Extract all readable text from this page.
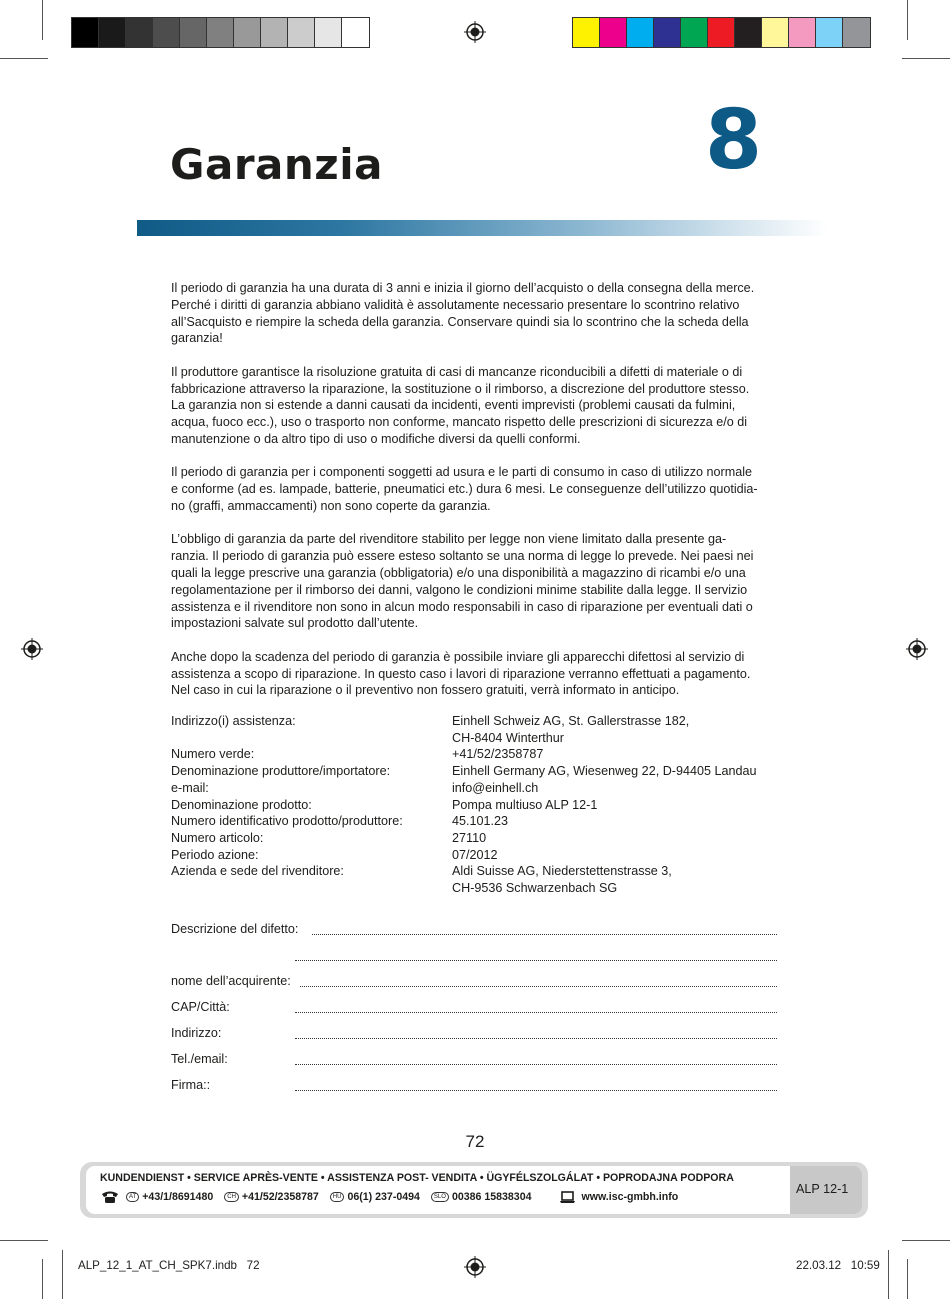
Garanzia	8

Il periodo di garanzia ha una durata di 3 anni e inizia il giorno dell’acquisto o della consegna della merce.
Perché i diritti di garanzia abbiano validità è assolutamente necessario presentare lo scontrino relativo
all’Sacquisto e riempire la scheda della garanzia. Conservare quindi sia lo scontrino che la scheda della
garanzia!

Il produttore garantisce la risoluzione gratuita di casi di mancanze riconducibili a difetti di materiale o di
fabbricazione attraverso la riparazione, la sostituzione o il rimborso, a discrezione del produttore stesso.
La garanzia non si estende a danni causati da incidenti, eventi imprevisti (problemi causati da fulmini,
acqua, fuoco ecc.), uso o trasporto non conforme, mancato rispetto delle prescrizioni di sicurezza e/o di
manutenzione o da altro tipo di uso o modifiche diversi da quelli conformi.

Il periodo di garanzia per i componenti soggetti ad usura e le parti di consumo in caso di utilizzo normale
e conforme (ad es. lampade, batterie, pneumatici etc.) dura 6 mesi. Le conseguenze dell’utilizzo quotidia-
no (graffi, ammaccamenti) non sono coperte da garanzia.

L’obbligo di garanzia da parte del rivenditore stabilito per legge non viene limitato dalla presente ga-
ranzia. Il periodo di garanzia può essere esteso soltanto se una norma di legge lo prevede. Nei paesi nei
quali la legge prescrive una garanzia (obbligatoria) e/o una disponibilità a magazzino di ricambi e/o una
regolamentazione per il rimborso dei danni, valgono le condizioni minime stabilite dalla legge. Il servizio
assistenza e il rivenditore non sono in alcun modo responsabili in caso di riparazione per eventuali dati o
impostazioni salvate sul prodotto dall’utente.

Anche dopo la scadenza del periodo di garanzia è possibile inviare gli apparecchi difettosi al servizio di
assistenza a scopo di riparazione. In questo caso i lavori di riparazione verranno effettuati a pagamento.
Nel caso in cui la riparazione o il preventivo non fossero gratuiti, verrà informato in anticipo.

Indirizzo(i) assistenza:	Einhell Schweiz AG, St. Gallerstrasse 182,
CH-8404 Winterthur
Numero verde:	+41/52/2358787
Denominazione produttore/importatore:	Einhell Germany AG, Wiesenweg 22, D-94405 Landau
e-mail:	info@einhell.ch
Denominazione prodotto:	Pompa multiuso ALP 12-1
Numero identificativo prodotto/produttore:	45.101.23
Numero articolo:	27110
Periodo azione:	07/2012
Azienda e sede del rivenditore:	Aldi Suisse AG, Niederstettenstrasse 3,
CH-9536 Schwarzenbach SG
Descrizione del difetto:
nome dell’acquirente:
CAP/Città:
Indirizzo:
Tel./email:
Firma::
72
KUNDENDIENST • SERVICE APRÈS-VENTE • ASSISTENZA POST- VENDITA • ÜGYFÉLSZOLGÁLAT • POPRODAJNA PODPORA
AT +43/1/8691480	CH +41/52/2358787	HU 06(1) 237-0494	SLO 00386 15838304	www.isc-gmbh.info
ALP 12-1
ALP_12_1_AT_CH_SPK7.indb   72	22.03.12   10:59
